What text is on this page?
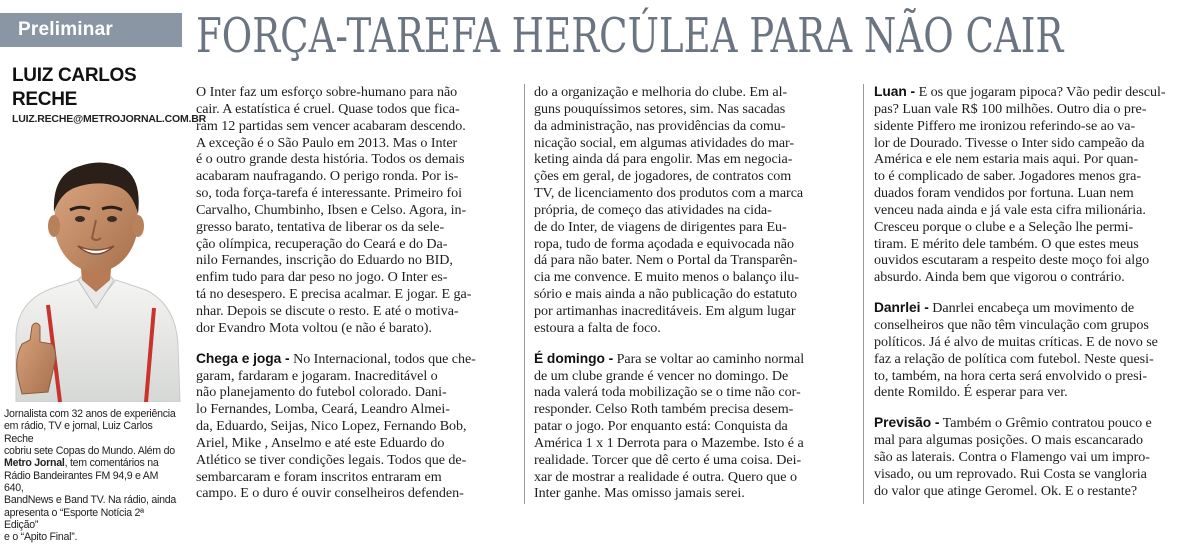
Preliminar
LUIZ CARLOS
RECHE
LUIZ.RECHE@METROJORNAL.COM.BR
Jornalista com 32 anos de experiência
em rádio, TV e jornal, Luiz Carlos Reche
cobriu sete Copas do Mundo. Além do
Metro Jornal, tem comentários na
Rádio Bandeirantes FM 94,9 e AM 640,
BandNews e Band TV. Na rádio, ainda
apresenta o “Esporte Notícia 2ª Edição”
e o “Apito Final”.
FORÇA-TAREFA HERCÚLEA PARA NÃO CAIR
O Inter faz um esforço sobre-humano para não
cair. A estatística é cruel. Quase todos que fica-
ram 12 partidas sem vencer acabaram descendo.
A exceção é o São Paulo em 2013. Mas o Inter
é o outro grande desta história. Todos os demais
acabaram naufragando. O perigo ronda. Por is-
so, toda força-tarefa é interessante. Primeiro foi
Carvalho, Chumbinho, Ibsen e Celso. Agora, in-
gresso barato, tentativa de liberar os da sele-
ção olímpica, recuperação do Ceará e do Da-
nilo Fernandes, inscrição do Eduardo no BID,
enfim tudo para dar peso no jogo. O Inter es-
tá no desespero. E precisa acalmar. E jogar. E ga-
nhar. Depois se discute o resto. E até o motiva-
dor Evandro Mota voltou (e não é barato).
Chega e joga - No Internacional, todos que che-
garam, fardaram e jogaram. Inacreditável o
não planejamento do futebol colorado. Dani-
lo Fernandes, Lomba, Ceará, Leandro Almei-
da, Eduardo, Seijas, Nico Lopez, Fernando Bob,
Ariel, Mike , Anselmo e até este Eduardo do
Atlético se tiver condições legais. Todos que de-
sembarcaram e foram inscritos entraram em
campo. E o duro é ouvir conselheiros defenden-
do a organização e melhoria do clube. Em al-
guns pouquíssimos setores, sim. Nas sacadas
da administração, nas providências da comu-
nicação social, em algumas atividades do mar-
keting ainda dá para engolir. Mas em negocia-
ções em geral, de jogadores, de contratos com
TV, de licenciamento dos produtos com a marca
própria, de começo das atividades na cida-
de do Inter, de viagens de dirigentes para Eu-
ropa, tudo de forma açodada e equivocada não
dá para não bater. Nem o Portal da Transparên-
cia me convence. E muito menos o balanço ilu-
sório e mais ainda a não publicação do estatuto
por artimanhas inacreditáveis. Em algum lugar
estoura a falta de foco.
É domingo - Para se voltar ao caminho normal
de um clube grande é vencer no domingo. De
nada valerá toda mobilização se o time não cor-
responder. Celso Roth também precisa desem-
patar o jogo. Por enquanto está: Conquista da
América 1 x 1 Derrota para o Mazembe. Isto é a
realidade. Torcer que dê certo é uma coisa. Dei-
xar de mostrar a realidade é outra. Quero que o
Inter ganhe. Mas omisso jamais serei.
Luan - E os que jogaram pipoca? Vão pedir descul-
pas? Luan vale R$ 100 milhões. Outro dia o pre-
sidente Piffero me ironizou referindo-se ao va-
lor de Dourado. Tivesse o Inter sido campeão da
América e ele nem estaria mais aqui. Por quan-
to é complicado de saber. Jogadores menos gra-
duados foram vendidos por fortuna. Luan nem
venceu nada ainda e já vale esta cifra milionária.
Cresceu porque o clube e a Seleção lhe permi-
tiram. E mérito dele também. O que estes meus
ouvidos escutaram a respeito deste moço foi algo
absurdo. Ainda bem que vigorou o contrário.
Danrlei - Danrlei encabeça um movimento de
conselheiros que não têm vinculação com grupos
políticos. Já é alvo de muitas críticas. E de novo se
faz a relação de política com futebol. Neste quesi-
to, também, na hora certa será envolvido o presi-
dente Romildo. É esperar para ver.
Previsão - Também o Grêmio contratou pouco e
mal para algumas posições. O mais escancarado
são as laterais. Contra o Flamengo vai um impro-
visado, ou um reprovado. Rui Costa se vangloria
do valor que atinge Geromel. Ok. E o restante?
